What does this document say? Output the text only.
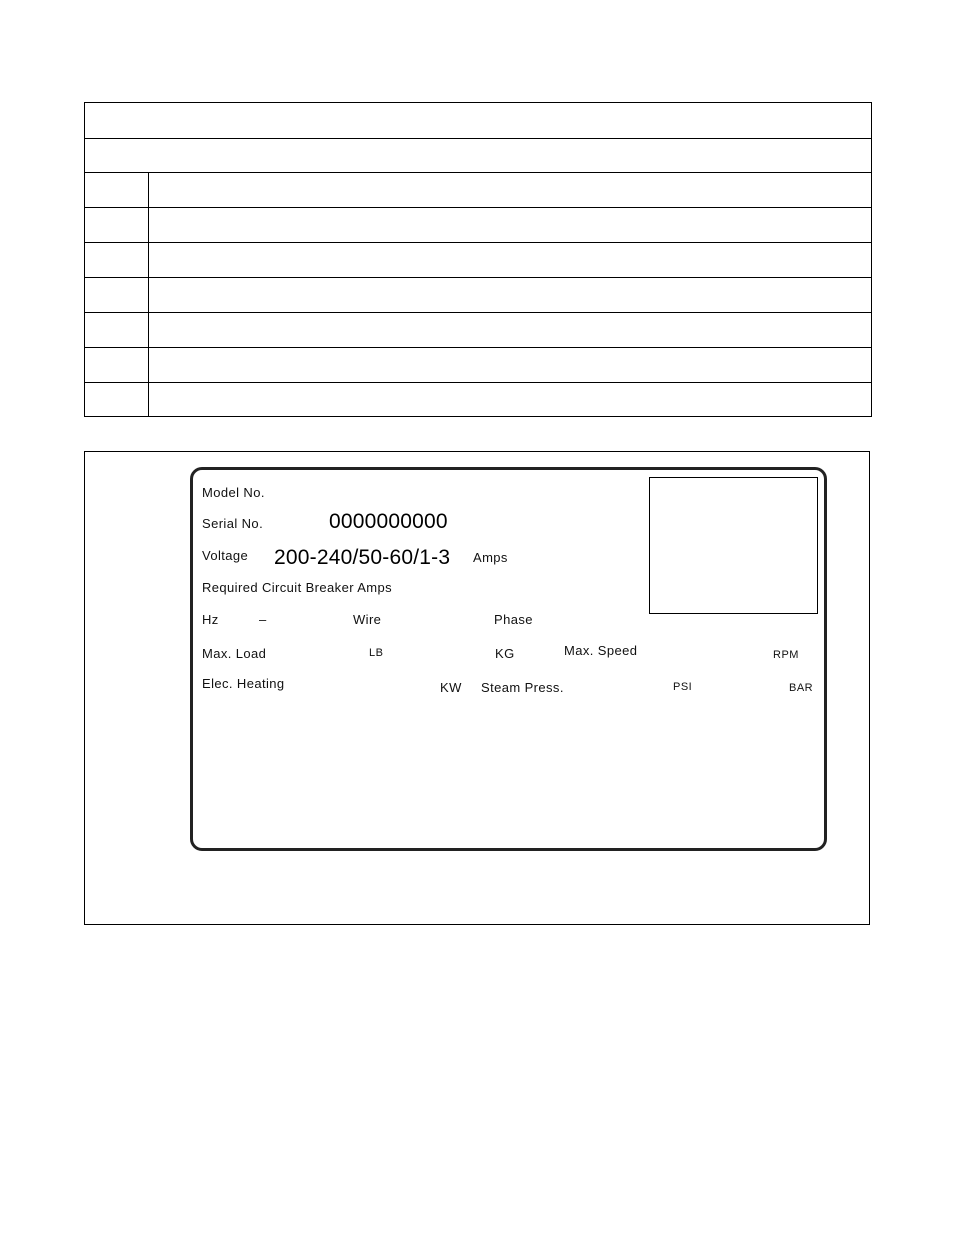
Model No.
Serial No.	0000000000
Voltage 200-240/50-60/1-3 Amps
Required Circuit Breaker Amps
Hz	–	Wire	Phase
Max. Load	LB	KG	Max. Speed	RPM
Elec. Heating	KW Steam Press.	PSI	BAR
